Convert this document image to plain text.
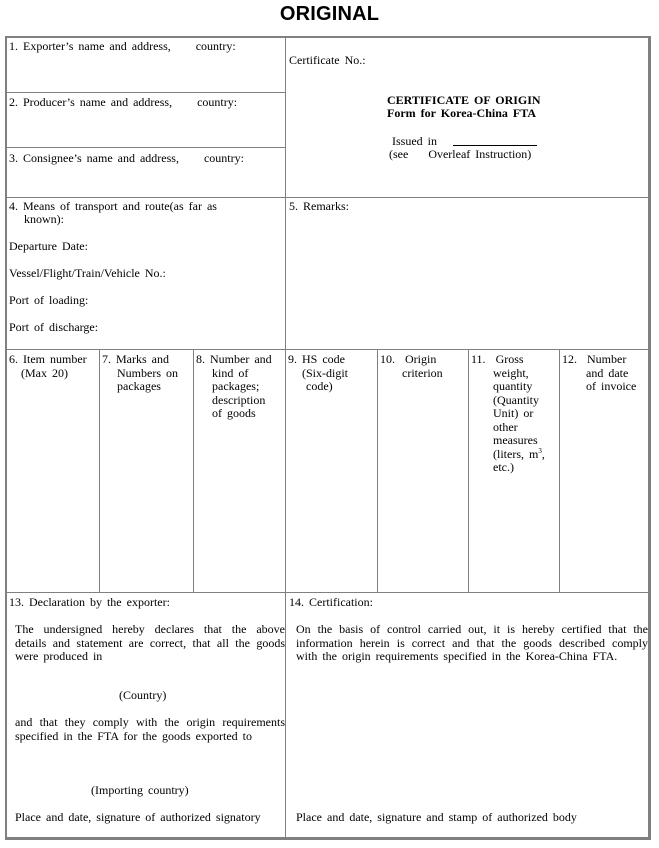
ORIGINAL
1. Exporter’s name and address,     country:
2. Producer’s name and address,     country:
3. Consignee’s name and address,     country:
Certificate No.:
CERTIFICATE OF ORIGIN
Form for Korea-China FTA
Issued in
(see    Overleaf Instruction)
4. Means of transport and route(as far as
known):
Departure Date:
Vessel/Flight/Train/Vehicle No.:
Port of loading:
Port of discharge:
5. Remarks:
6. Item number
(Max 20)
7. Marks and
Numbers on
packages
8. Number and
kind of
packages;
description
of goods
9. HS code
(Six-digit
code)
10. Origin
criterion
11. Gross
weight,
quantity
(Quantity
Unit) or
other
measures
(liters, $m^3$,
etc.)
12. Number
and date
of invoice
13. Declaration by the exporter:
The undersigned hereby declares that the above details and statement are correct, that all the goods were produced in
(Country)
and that they comply with the origin requirements specified in the FTA for the goods exported to
(Importing country)
Place and date, signature of authorized signatory
14. Certification:
On the basis of control carried out, it is hereby certified that the information herein is correct and that the goods described comply with the origin requirements specified in the Korea-China FTA.
Place and date, signature and stamp of authorized body
